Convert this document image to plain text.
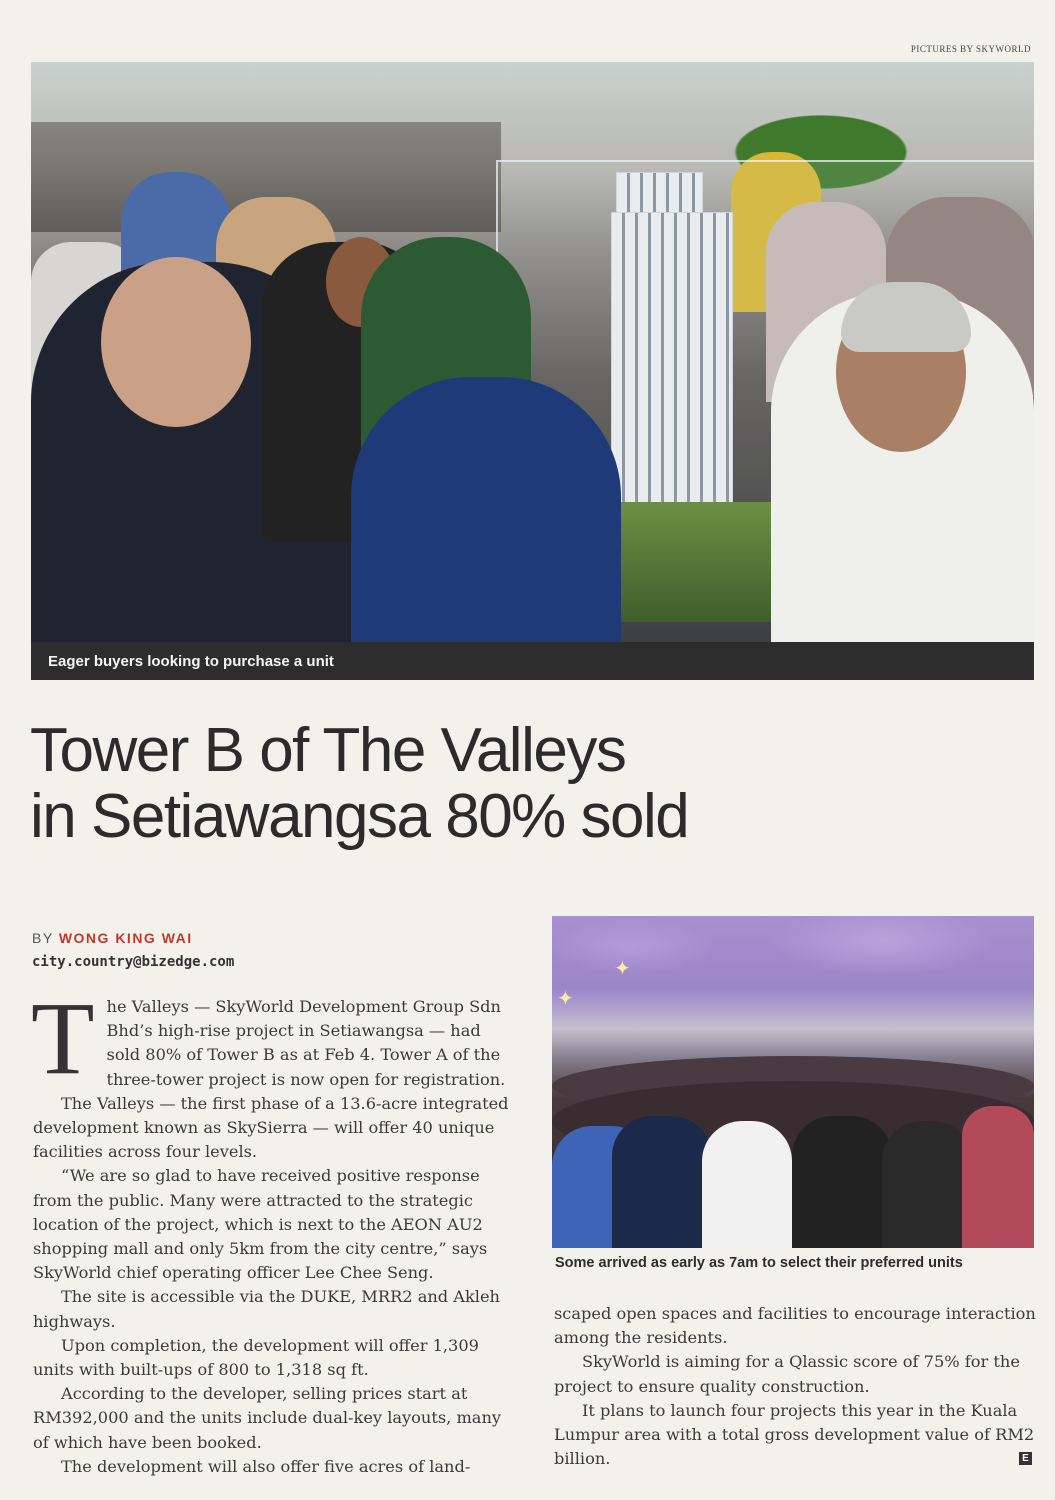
PICTURES BY SKYWORLD
Eager buyers looking to purchase a unit
Tower B of The Valleys
in Setiawangsa 80% sold
BY WONG KING WAI
city.country@bizedge.com
T he Valleys — SkyWorld Development Group Sdn Bhd’s high-rise project in Setiawangsa — had sold 80% of Tower B as at Feb 4. Tower A of the three-tower project is now open for registration.

The Valleys — the first phase of a 13.6-acre integrated development known as SkySierra — will offer 40 unique facilities across four levels.

“We are so glad to have received positive response from the public. Many were attracted to the strategic location of the project, which is next to the AEON AU2 shopping mall and only 5km from the city centre,” says SkyWorld chief operating officer Lee Chee Seng.

The site is accessible via the DUKE, MRR2 and Akleh highways.

Upon completion, the development will offer 1,309 units with built-ups of 800 to 1,318 sq ft.

According to the developer, selling prices start at RM392,000 and the units include dual-key layouts, many of which have been booked.

The development will also offer five acres of land-

✦
✦
Some arrived as early as 7am to select their preferred units

scaped open spaces and facilities to encourage interaction among the residents.

SkyWorld is aiming for a Qlassic score of 75% for the project to ensure quality construction.

It plans to launch four projects this year in the Kuala Lumpur area with a total gross development value of RM2 billion.	E
